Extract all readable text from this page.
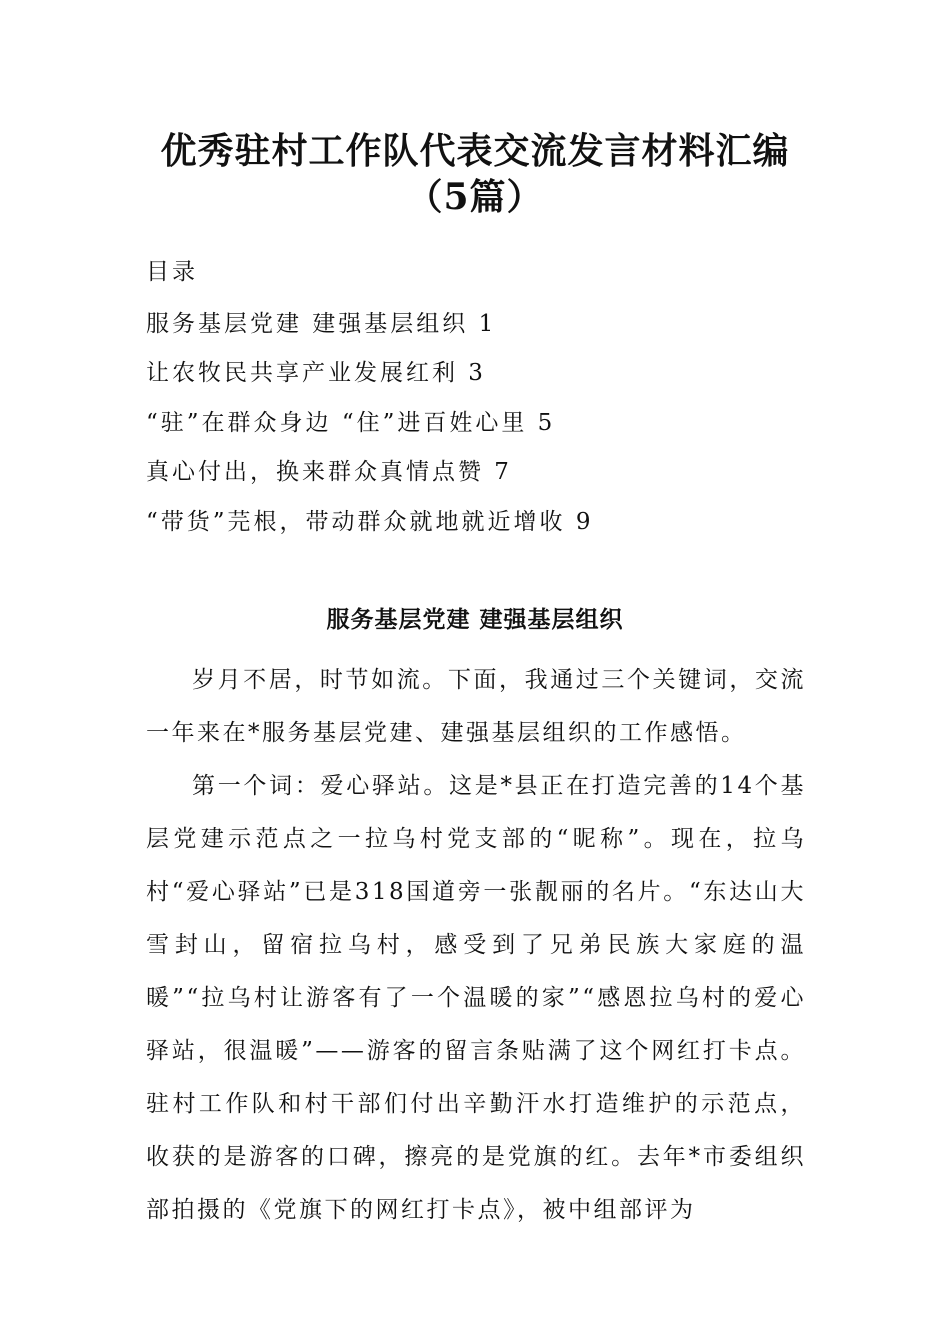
优秀驻村工作队代表交流发言材料汇编
（5篇）
目录
服务基层党建 建强基层组织 1
让农牧民共享产业发展红利 3
“驻”在群众身边 “住”进百姓心里 5
真心付出，换来群众真情点赞 7
“带货”芫根，带动群众就地就近增收 9
服务基层党建 建强基层组织

岁月不居，时节如流。下面，我通过三个关键词，交流一年来在*服务基层党建、建强基层组织的工作感悟。

第一个词：爱心驿站。这是*县正在打造完善的14个基层党建示范点之一拉乌村党支部的“昵称”。现在，拉乌村“爱心驿站”已是318国道旁一张靓丽的名片。“东达山大雪封山，留宿拉乌村，感受到了兄弟民族大家庭的温暖”“拉乌村让游客有了一个温暖的家”“感恩拉乌村的爱心驿站，很温暖”——游客的留言条贴满了这个网红打卡点。驻村工作队和村干部们付出辛勤汗水打造维护的示范点，收获的是游客的口碑，擦亮的是党旗的红。去年*市委组织部拍摄的《党旗下的网红打卡点》，被中组部评为
